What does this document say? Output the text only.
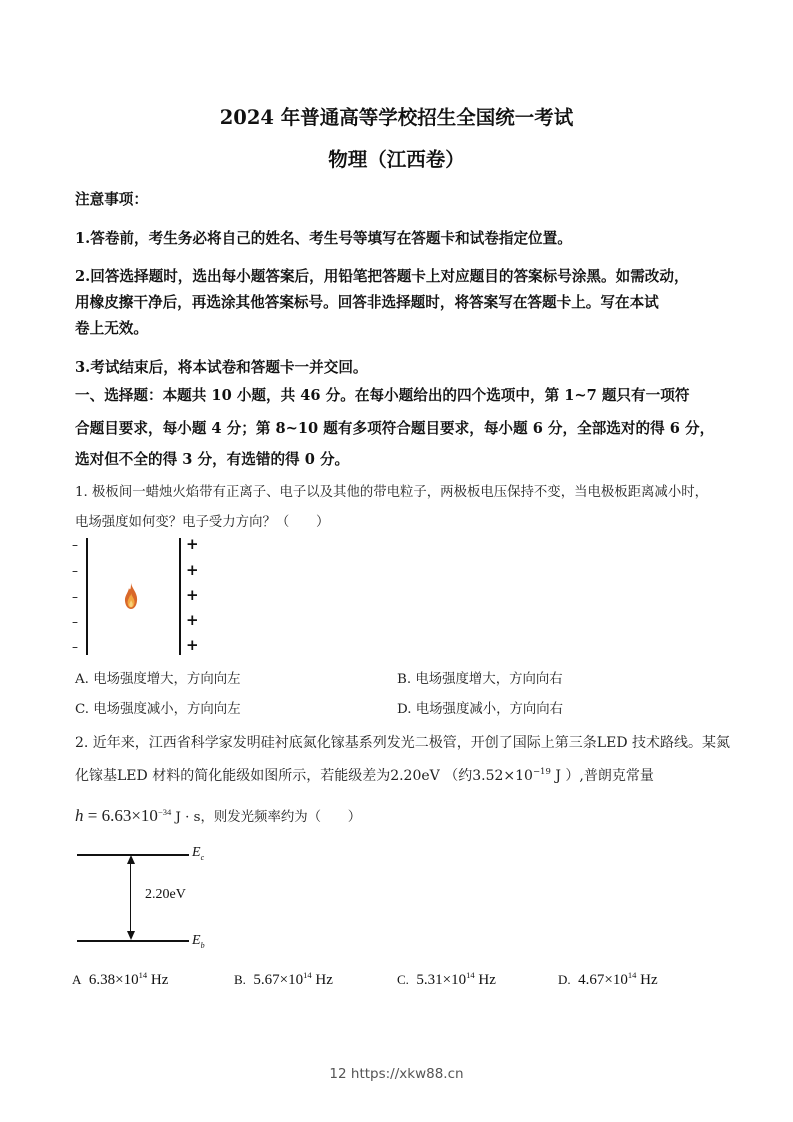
2024 年普通高等学校招生全国统一考试
物理（江西卷）
注意事项：
1.答卷前，考生务必将自己的姓名、考生号等填写在答题卡和试卷指定位置。
2.回答选择题时，选出每小题答案后，用铅笔把答题卡上对应题目的答案标号涂黑。如需改动，
用橡皮擦干净后，再选涂其他答案标号。回答非选择题时，将答案写在答题卡上。写在本试
卷上无效。
3.考试结束后，将本试卷和答题卡一并交回。
一、选择题：本题共 10 小题，共 46 分。在每小题给出的四个选项中，第 1~7 题只有一项符
合题目要求，每小题 4 分；第 8~10 题有多项符合题目要求，每小题 6 分，全部选对的得 6 分，
选对但不全的得 3 分，有选错的得 0 分。
1. 极板间一蜡烛火焰带有正离子、电子以及其他的带电粒子，两极板电压保持不变，当电极板距离减小时，
电场强度如何变？电子受力方向？（　　）
–
–
–
–
–
+
+
+
+
+
A. 电场强度增大，方向向左	B. 电场强度增大，方向向右
C. 电场强度减小，方向向左	D. 电场强度减小，方向向右
2. 近年来，江西省科学家发明硅衬底氮化镓基系列发光二极管，开创了国际上第三条LED 技术路线。某氮
化镓基LED 材料的简化能级如图所示，若能级差为2.20eV （约$3.52\times 10^{-19}$ J ）,普朗克常量
$h = 6.63\times 10^{-34}$ J · s，则发光频率约为（　　）
2.20eV
$E_c$
$E_b$
A $6.38\times 10^{14}$ Hz	B. $5.67\times 10^{14}$ Hz	C. $5.31\times 10^{14}$ Hz	D. $4.67\times 10^{14}$ Hz
12 https://xkw88.cn
